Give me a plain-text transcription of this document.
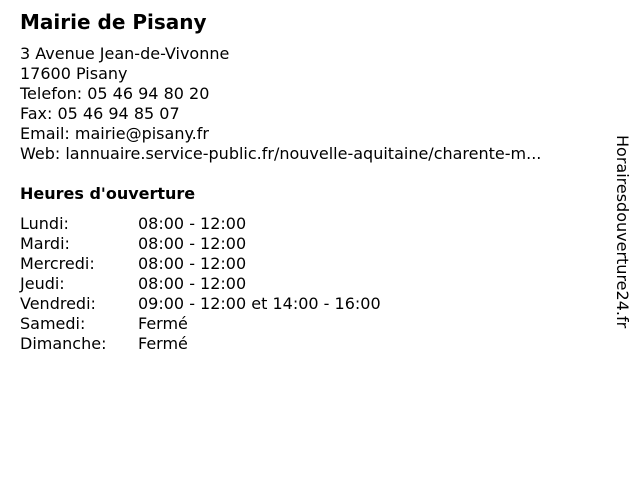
Mairie de Pisany
3 Avenue Jean-de-Vivonne
17600 Pisany
Telefon: 05 46 94 80 20
Fax: 05 46 94 85 07
Email: mairie@pisany.fr
Web: lannuaire.service-public.fr/nouvelle-aquitaine/charente-m...
Heures d'ouverture
Lundi:	08:00 - 12:00
Mardi:	08:00 - 12:00
Mercredi:	08:00 - 12:00
Jeudi:	08:00 - 12:00
Vendredi:	09:00 - 12:00 et 14:00 - 16:00
Samedi:	Fermé
Dimanche: Fermé
Horairesdouverture24.fr
